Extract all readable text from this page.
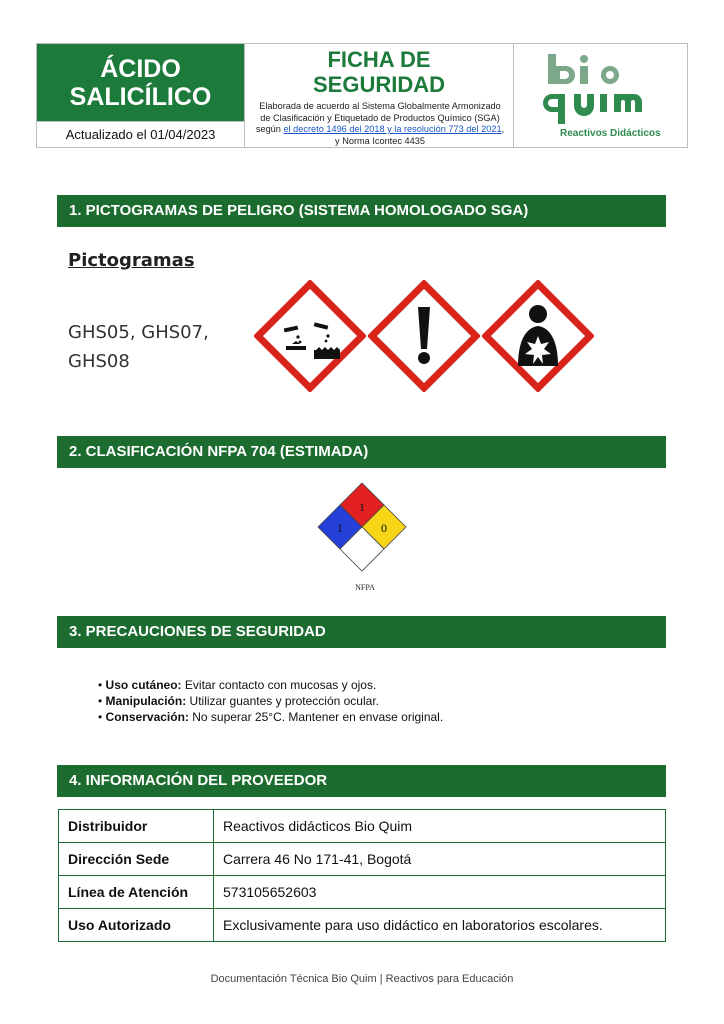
ÁCIDO
SALICÍLICO
Actualizado el 01/04/2023
FICHA DE
SEGURIDAD
Elaborada de acuerdo al Sistema Globalmente Armonizado de Clasificación y Etiquetado de Productos Químico (SGA) según el decreto 1496 del 2018 y la resolución 773 del 2021, y Norma Icontec 4435
Reactivos Didácticos
1. PICTOGRAMAS DE PELIGRO (SISTEMA HOMOLOGADO SGA)
Pictogramas
GHS05, GHS07,
GHS08
2. CLASIFICACIÓN NFPA 704 (ESTIMADA)
1
1	0
NFPA
3. PRECAUCIONES DE SEGURIDAD
• Uso cutáneo: Evitar contacto con mucosas y ojos.
• Manipulación: Utilizar guantes y protección ocular.
• Conservación: No superar 25°C. Mantener en envase original.
4. INFORMACIÓN DEL PROVEEDOR
Distribuidor	Reactivos didácticos Bio Quim
Dirección Sede	Carrera 46 No 171-41, Bogotá
Línea de Atención	573105652603
Uso Autorizado	Exclusivamente para uso didáctico en laboratorios escolares.
Documentación Técnica Bio Quim | Reactivos para Educación
